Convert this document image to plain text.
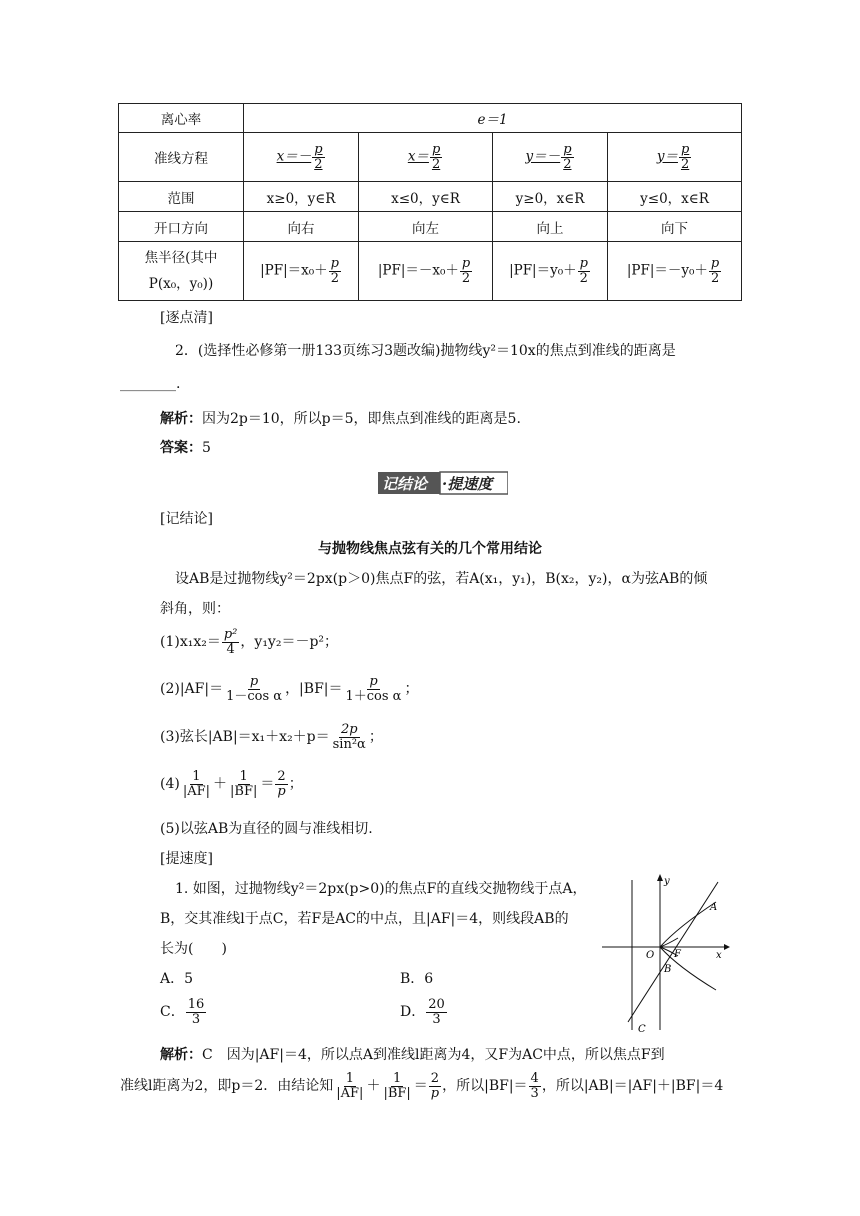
离心率	e＝1			
准线方程	$x=- \frac{p}{2}$	$x= \frac{p}{2}$	$y=- \frac{p}{2}$	$y= \frac{p}{2}$

范围	x≥0，y∈R	x≤0，y∈R	y≥0，x∈R	y≤0，x∈R
开口方向	向右	向左	向上	向下
焦半径(其中
P(x₀，y₀))	$|PF|=x_0+ \frac{p}{2}$	$|PF|=-x_0+ \frac{p}{2}$	$|PF|=y_0+ \frac{p}{2}$	$|PF|=-y_0+ \frac{p}{2}$
[逐点清]
2．(选择性必修第一册133页练习3题改编)抛物线y²＝10x的焦点到准线的距离是
________.
解析：因为2p＝10，所以p＝5，即焦点到准线的距离是5.
答案：5
记结论 ·提速度
[记结论]
与抛物线焦点弦有关的几个常用结论
设AB是过抛物线y²＝2px(p＞0)焦点F的弦，若A(x₁，y₁)，B(x₂，y₂)，α为弦AB的倾
斜角，则：
$(1)x_1x_2= \frac{\text{p²}}{4}$ ，y₁y₂＝－p²；
$(2)|AF|= \frac{p}{\text{1－cos α}}$ ，$|BF|= \frac{p}{\text{1＋cos α}}$ ；
(3)弦长$|AB|=x_1+x_2+p= \frac{2p}{\text{sin²α}}$ ；
$(4) \frac{1}{|AF|} + \frac{1}{|BF|} = \frac{2}{p}$ ；
(5)以弦AB为直径的圆与准线相切.
[提速度]
1. 如图，过抛物线y²＝2px(p>0)的焦点F的直线交抛物线于点A，
B，交其准线l于点C，若F是AC的中点，且|AF|＝4，则线段AB的
长为(　　)
A．5	B．6
C． $\frac{16}{3}$	D． $\frac{20}{3}$
y
x
O F
A
B
C
解析：C　因为|AF|＝4，所以点A到准线l距离为4，又F为AC中点，所以焦点F到
准线l距离为2，即p＝2．由结论知 $\frac{1}{|AF|} + \frac{1}{|BF|} = \frac{2}{p}$ ，所以$|BF|= \frac{4}{3}$ ，所以|AB|＝|AF|＋|BF|＝4
